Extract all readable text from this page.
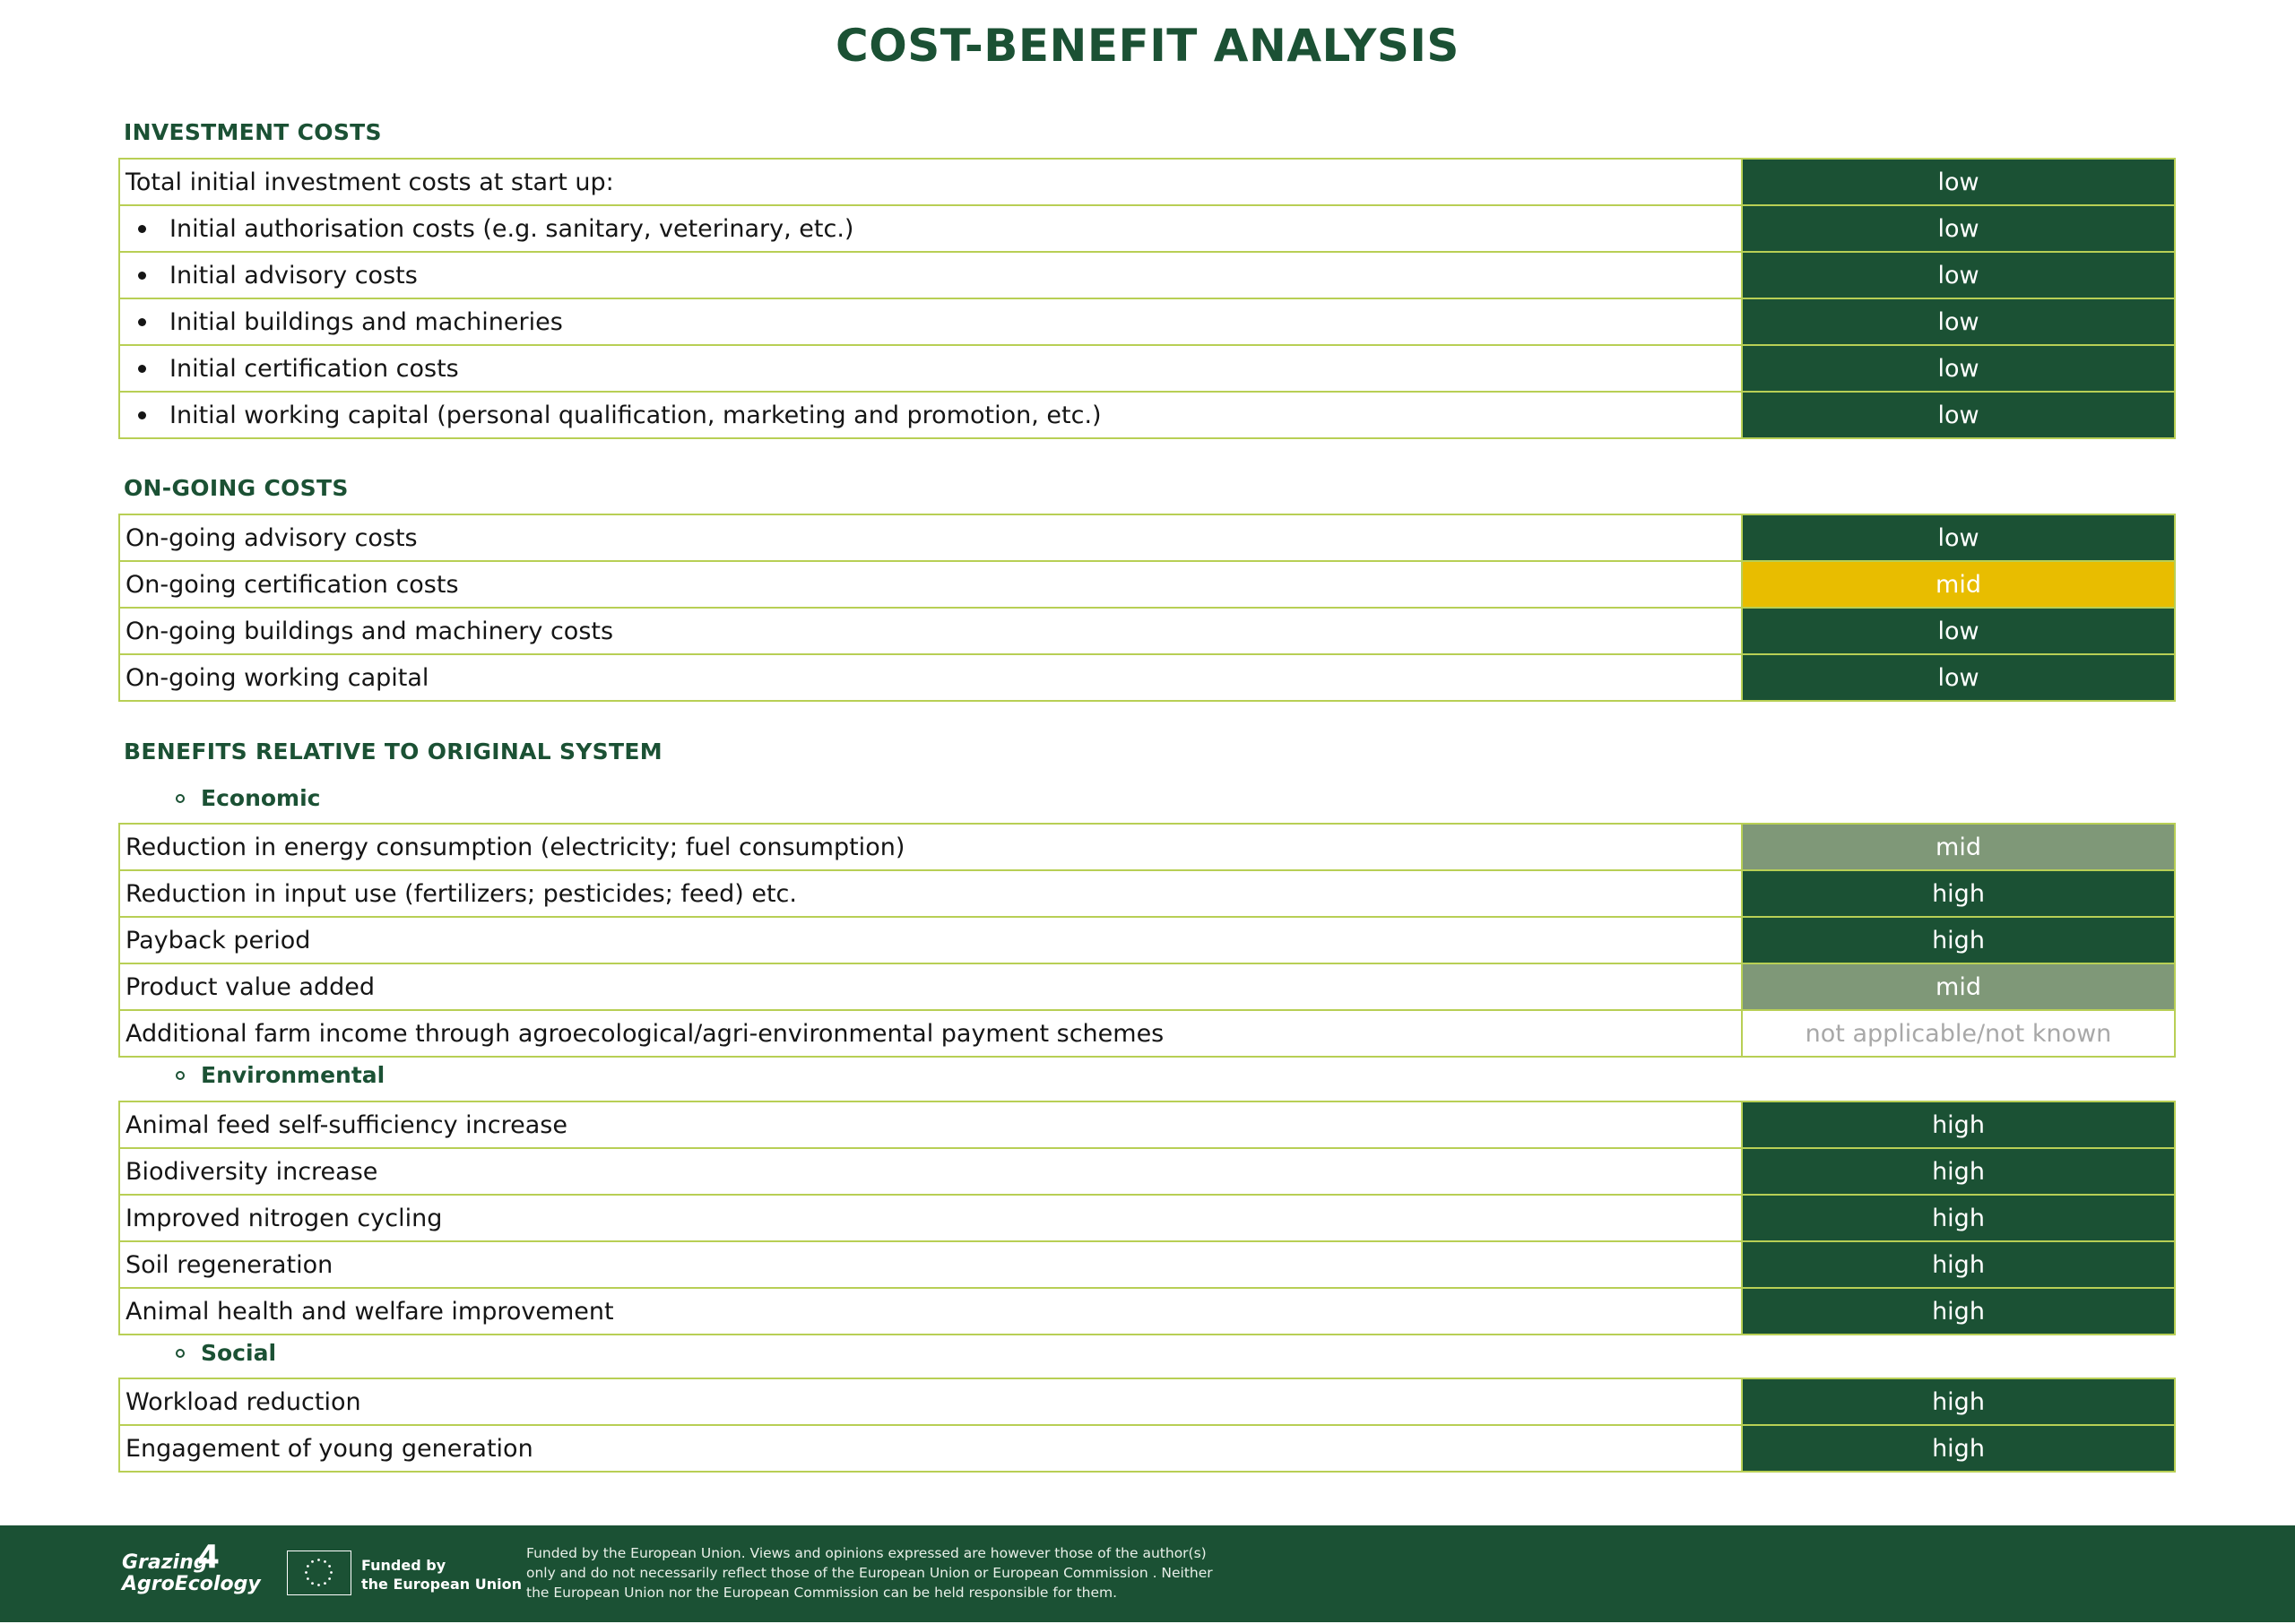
COST-BENEFIT ANALYSIS
INVESTMENT COSTS
Total initial investment costs at start up:	low
Initial authorisation costs (e.g. sanitary, veterinary, etc.)	low
Initial advisory costs	low
Initial buildings and machineries	low
Initial certification costs	low
Initial working capital (personal qualification, marketing and promotion, etc.)	low
ON-GOING COSTS
On-going advisory costs	low
On-going certification costs	mid
On-going buildings and machinery costs	low
On-going working capital	low
BENEFITS RELATIVE TO ORIGINAL SYSTEM
Economic
Reduction in energy consumption (electricity; fuel consumption)	mid
Reduction in input use (fertilizers; pesticides; feed) etc.	high
Payback period	high
Product value added	mid
Additional farm income through agroecological/agri-environmental payment schemes	not applicable/not known
Environmental
Animal feed self-sufficiency increase	high
Biodiversity increase	high
Improved nitrogen cycling	high
Soil regeneration	high
Animal health and welfare improvement	high
Social
Workload reduction	high
Engagement of young generation	high
Grazing
AgroEcology
4	Funded by
the European Union
Funded by the European Union. Views and opinions expressed are however those of the author(s) only and do not necessarily reflect those of the European Union or European Commission . Neither the European Union nor the European Commission can be held responsible for them.
